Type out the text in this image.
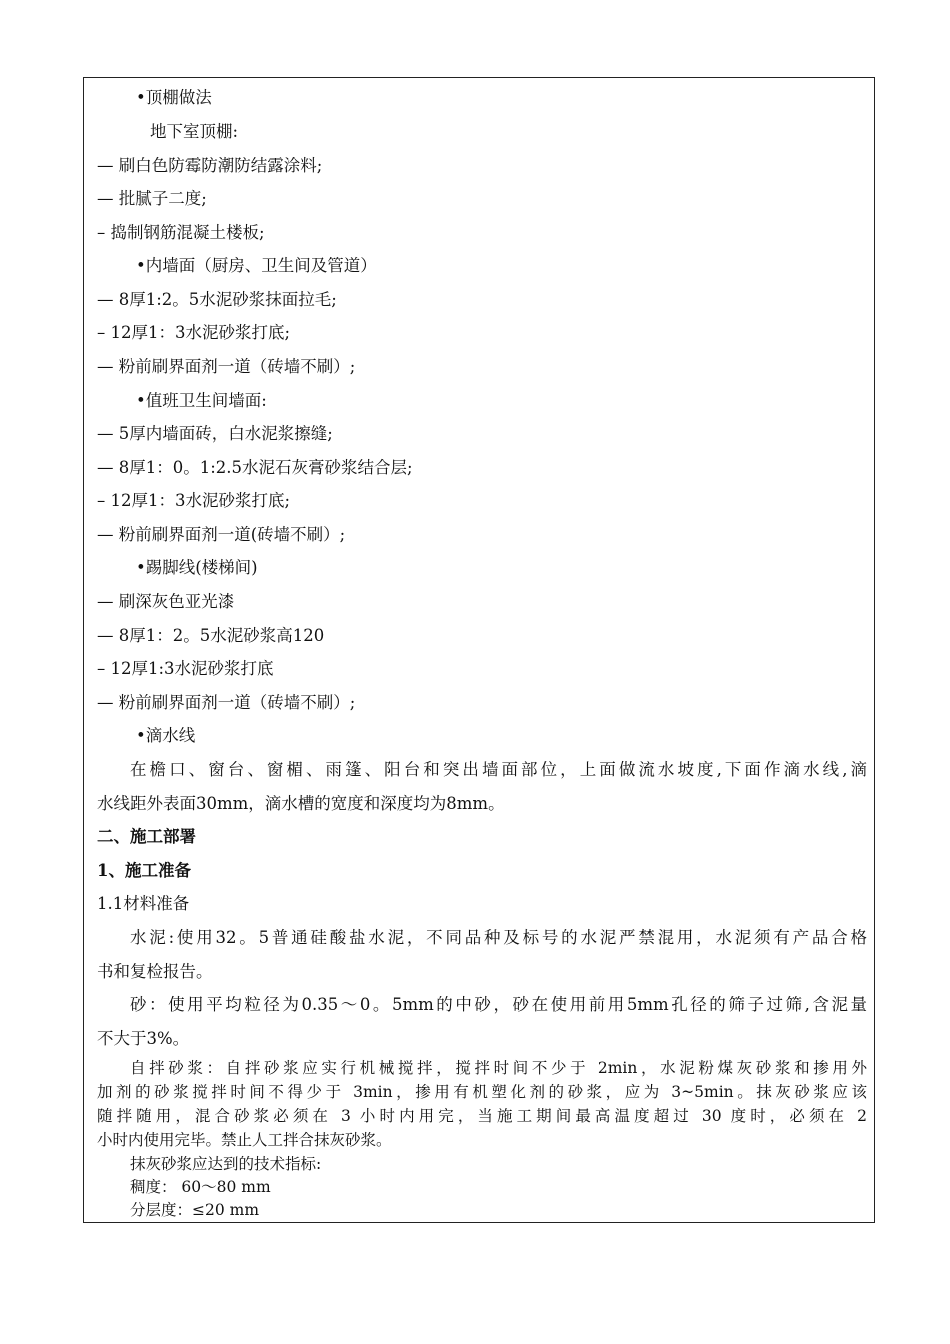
•顶棚做法
地下室顶棚:
— 刷白色防霉防潮防结露涂料;
— 批腻子二度;
– 捣制钢筋混凝土楼板;
•内墙面（厨房、卫生间及管道）
— 8厚1:2。5水泥砂浆抹面拉毛;
– 12厚1：3水泥砂浆打底;
— 粉前刷界面剂一道（砖墙不刷）;
•值班卫生间墙面:
— 5厚内墙面砖，白水泥浆擦缝;
— 8厚1：0。1:2.5水泥石灰膏砂浆结合层;
– 12厚1：3水泥砂浆打底;
— 粉前刷界面剂一道(砖墙不刷）;
•踢脚线(楼梯间)
— 刷深灰色亚光漆
— 8厚1：2。5水泥砂浆高120
– 12厚1:3水泥砂浆打底
— 粉前刷界面剂一道（砖墙不刷）;
•滴水线
在檐口、窗台、窗楣、雨篷、阳台和突出墙面部位，上面做流水坡度,下面作滴水线,滴
水线距外表面30mm，滴水槽的宽度和深度均为8mm。
二、施工部署
1、施工准备
1.1材料准备
水泥:使用32。5普通硅酸盐水泥，不同品种及标号的水泥严禁混用，水泥须有产品合格
书和复检报告。
砂：使用平均粒径为0.35～0。5mm的中砂，砂在使用前用5mm孔径的筛子过筛,含泥量
不大于3%。
自拌砂浆：自拌砂浆应实行机械搅拌，搅拌时间不少于 2min，水泥粉煤灰砂浆和掺用外
加剂的砂浆搅拌时间不得少于 3min，掺用有机塑化剂的砂浆，应为 3~5min。抹灰砂浆应该
随拌随用，混合砂浆必须在 3 小时内用完，当施工期间最高温度超过 30 度时，必须在 2
小时内使用完毕。禁止人工拌合抹灰砂浆。
抹灰砂浆应达到的技术指标:
稠度： 60～80 mm
分层度：≤20 mm
